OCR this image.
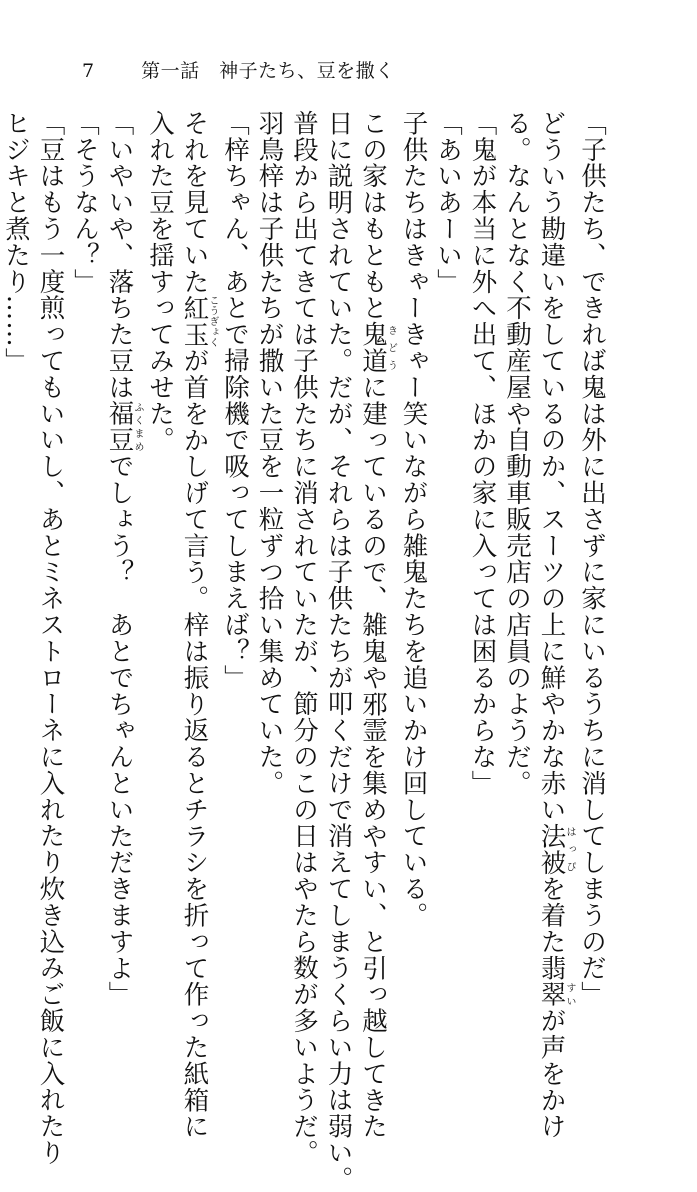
7 第一話　神子たち、豆を撒く

「子供たち、できれば鬼は外に出さずに家にいるうちに消してしまうのだ」

どういう勘違いをしているのか、スーツの上に鮮やかな赤い法被はっぴを着た翡翠すいが声をかけ

る。なんとなく不動産屋や自動車販売店の店員のようだ。

「鬼が本当に外へ出て、ほかの家に入っては困るからな」

「あいあーい」

子供たちはきゃーきゃー笑いながら雑鬼たちを追いかけ回している。

この家はもともと鬼道きどうに建っているので、雑鬼や邪霊を集めやすい、と引っ越してきた

日に説明されていた。だが、それらは子供たちが叩くだけで消えてしまうくらい力は弱い。

普段から出てきては子供たちに消されていたが、節分のこの日はやたら数が多いようだ。

羽鳥梓は子供たちが撒いた豆を一粒ずつ拾い集めていた。

「梓ちゃん、あとで掃除機で吸ってしまえば？」

それを見ていた紅玉こうぎょくが首をかしげて言う。梓は振り返るとチラシを折って作った紙箱に

入れた豆を揺すってみせた。

「いやいや、落ちた豆は福豆ふくまめでしょう？　あとでちゃんといただきますよ」

「そうなん？」

「豆はもう一度煎ってもいいし、あとミネストローネに入れたり炊き込みご飯に入れたり

ヒジキと煮たり……」
